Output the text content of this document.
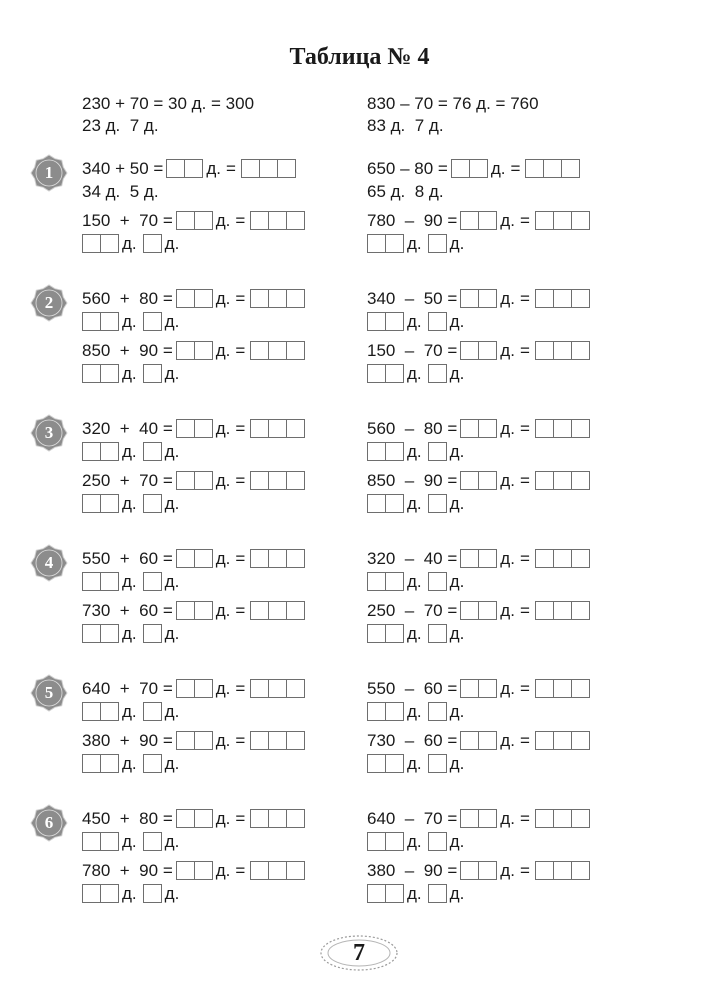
Таблица № 4
230 + 70 = 30 д. = 300
23 д.  7 д.
830 – 70 = 76 д. = 760
83 д.  7 д.
1	340 + 50 =	д. =
34 д.  5 д.
650 – 80 =	д. =
65 д.  8 д.
150  +  70 =	д. =
д. д.
780  –  90 =	д. =
д. д.
2	560  +  80 =	д. =
д. д.
340  –  50 =	д. =
д. д.
850  +  90 =	д. =
д. д.
150  –  70 =	д. =
д. д.
3	320  +  40 =	д. =
д. д.
560  –  80 =	д. =
д. д.
250  +  70 =	д. =
д. д.
850  –  90 =	д. =
д. д.
4	550  +  60 =	д. =
д. д.
320  –  40 =	д. =
д. д.
730  +  60 =	д. =
д. д.
250  –  70 =	д. =
д. д.
5	640  +  70 =	д. =
д. д.
550  –  60 =	д. =
д. д.
380  +  90 =	д. =
д. д.
730  –  60 =	д. =
д. д.
6	450  +  80 =	д. =
д. д.
640  –  70 =	д. =
д. д.
780  +  90 =	д. =
д. д.
380  –  90 =	д. =
д. д.
7
